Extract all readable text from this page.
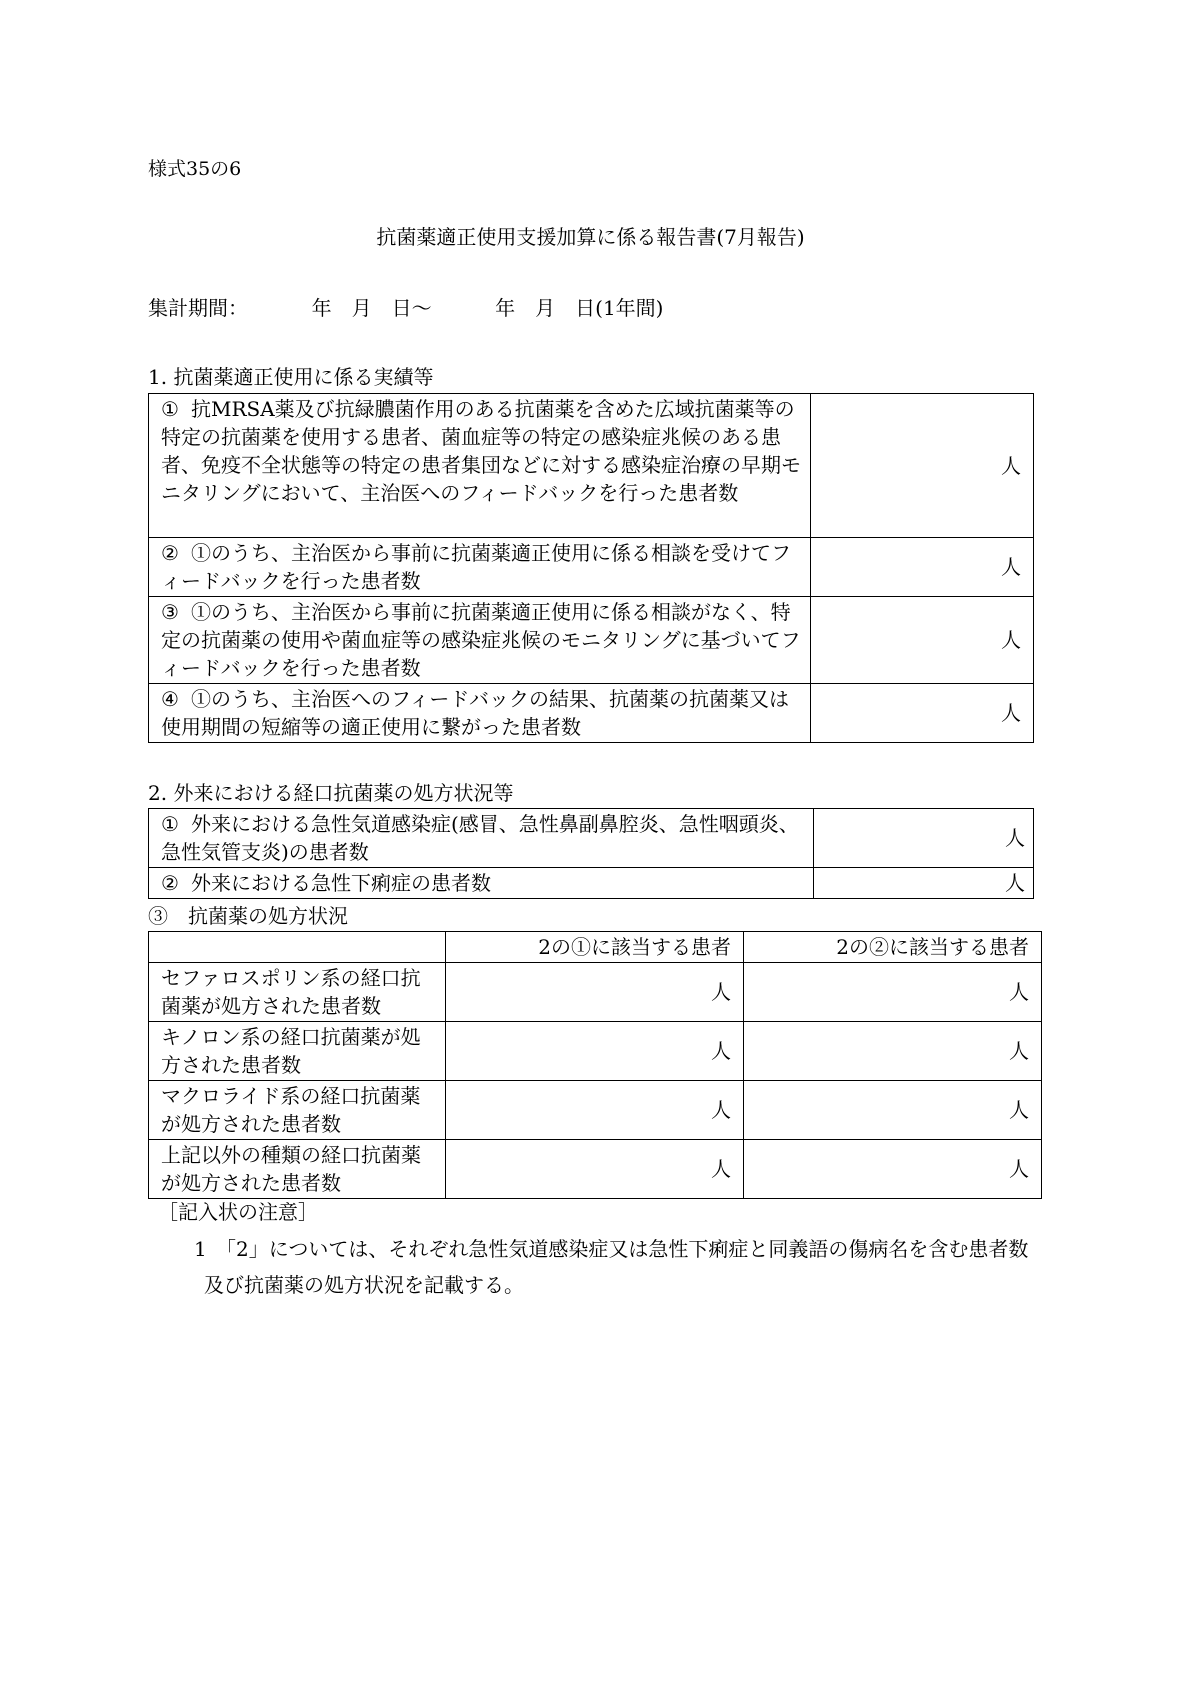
様式35の6
抗菌薬適正使用支援加算に係る報告書(7月報告)
集計期間：	年　月　日～	年　月　日(1年間)
1. 抗菌薬適正使用に係る実績等
① 抗MRSA薬及び抗緑膿菌作用のある抗菌薬を含めた広域抗菌薬等の特定の抗菌薬を使用する患者、菌血症等の特定の感染症兆候のある患者、免疫不全状態等の特定の患者集団などに対する感染症治療の早期モニタリングにおいて、主治医へのフィードバックを行った患者数	人
② ①のうち、主治医から事前に抗菌薬適正使用に係る相談を受けてフィードバックを行った患者数	人
③ ①のうち、主治医から事前に抗菌薬適正使用に係る相談がなく、特定の抗菌薬の使用や菌血症等の感染症兆候のモニタリングに基づいてフィードバックを行った患者数	人
④ ①のうち、主治医へのフィードバックの結果、抗菌薬の抗菌薬又は使用期間の短縮等の適正使用に繋がった患者数	人
2. 外来における経口抗菌薬の処方状況等
① 外来における急性気道感染症(感冒、急性鼻副鼻腔炎、急性咽頭炎、急性気管支炎)の患者数	人
② 外来における急性下痢症の患者数	人
③　抗菌薬の処方状況
	2の①に該当する患者	2の②に該当する患者
セファロスポリン系の経口抗菌薬が処方された患者数	人	人
キノロン系の経口抗菌薬が処方された患者数	人	人
マクロライド系の経口抗菌薬が処方された患者数	人	人
上記以外の種類の経口抗菌薬が処方された患者数	人	人
［記入状の注意］
1 「2」については、それぞれ急性気道感染症又は急性下痢症と同義語の傷病名を含む患者数及び抗菌薬の処方状況を記載する。
